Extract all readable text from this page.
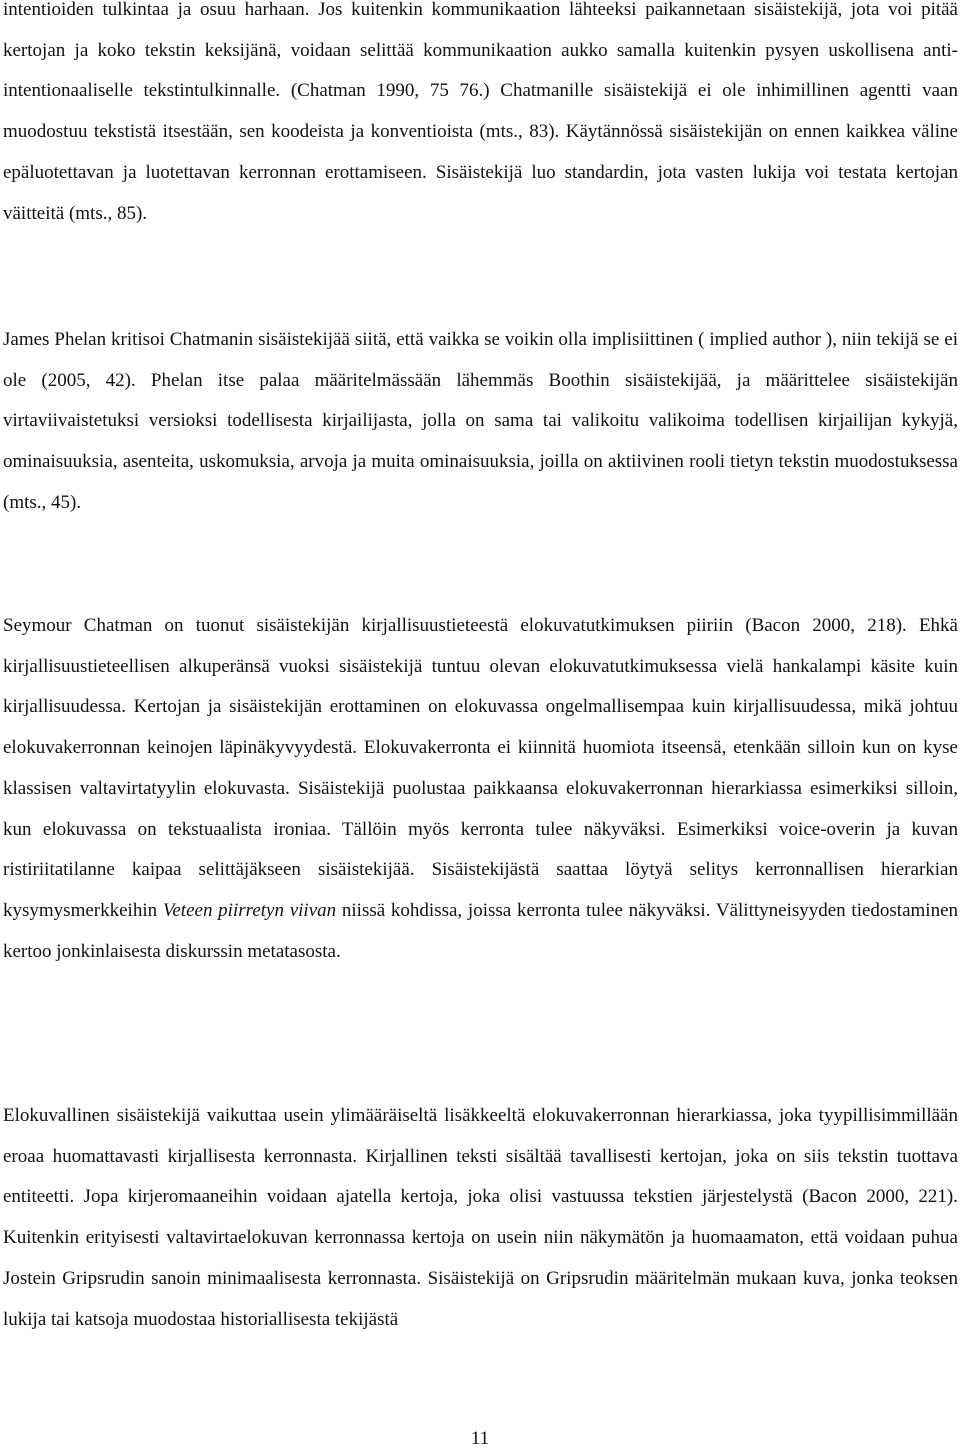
intentioiden tulkintaa ja osuu harhaan. Jos kuitenkin kommunikaation lähteeksi paikannetaan sisäistekijä, jota voi pitää kertojan ja koko tekstin keksijänä, voidaan selittää kommunikaation aukko samalla kuitenkin pysyen uskollisena anti-intentionaaliselle tekstintulkinnalle. (Chatman 1990, 75 76.) Chatmanille sisäistekijä ei ole inhimillinen agentti vaan muodostuu tekstistä itsestään, sen koodeista ja konventioista (mts., 83). Käytännössä sisäistekijän on ennen kaikkea väline epäluotettavan ja luotettavan kerronnan erottamiseen. Sisäistekijä luo standardin, jota vasten lukija voi testata kertojan väitteitä (mts., 85).

James Phelan kritisoi Chatmanin sisäistekijää siitä, että vaikka se voikin olla implisiittinen ( implied author ), niin tekijä se ei ole (2005, 42). Phelan itse palaa määritelmässään lähemmäs Boothin sisäistekijää, ja määrittelee sisäistekijän virtaviivaistetuksi versioksi todellisesta kirjailijasta, jolla on sama tai valikoitu valikoima todellisen kirjailijan kykyjä, ominaisuuksia, asenteita, uskomuksia, arvoja ja muita ominaisuuksia, joilla on aktiivinen rooli tietyn tekstin muodostuksessa (mts., 45).

Seymour Chatman on tuonut sisäistekijän kirjallisuustieteestä elokuvatutkimuksen piiriin (Bacon 2000, 218). Ehkä kirjallisuustieteellisen alkuperänsä vuoksi sisäistekijä tuntuu olevan elokuvatutkimuksessa vielä hankalampi käsite kuin kirjallisuudessa. Kertojan ja sisäistekijän erottaminen on elokuvassa ongelmallisempaa kuin kirjallisuudessa, mikä johtuu elokuvakerronnan keinojen läpinäkyvyydestä. Elokuvakerronta ei kiinnitä huomiota itseensä, etenkään silloin kun on kyse klassisen valtavirtatyylin elokuvasta. Sisäistekijä puolustaa paikkaansa elokuvakerronnan hierarkiassa esimerkiksi silloin, kun elokuvassa on tekstuaalista ironiaa. Tällöin myös kerronta tulee näkyväksi. Esimerkiksi voice-overin ja kuvan ristiriitatilanne kaipaa selittäjäkseen sisäistekijää. Sisäistekijästä saattaa löytyä selitys kerronnallisen hierarkian kysymysmerkkeihin Veteen piirretyn viivan niissä kohdissa, joissa kerronta tulee näkyväksi. Välittyneisyyden tiedostaminen kertoo jonkinlaisesta diskurssin metatasosta.

Elokuvallinen sisäistekijä vaikuttaa usein ylimääräiseltä lisäkkeeltä elokuvakerronnan hierarkiassa, joka tyypillisimmillään eroaa huomattavasti kirjallisesta kerronnasta. Kirjallinen teksti sisältää tavallisesti kertojan, joka on siis tekstin tuottava entiteetti. Jopa kirjeromaaneihin voidaan ajatella kertoja, joka olisi vastuussa tekstien järjestelystä (Bacon 2000, 221). Kuitenkin erityisesti valtavirtaelokuvan kerronnassa kertoja on usein niin näkymätön ja huomaamaton, että voidaan puhua Jostein Gripsrudin sanoin minimaalisesta kerronnasta. Sisäistekijä on Gripsrudin määritelmän mukaan kuva, jonka teoksen lukija tai katsoja muodostaa historiallisesta tekijästä

11
